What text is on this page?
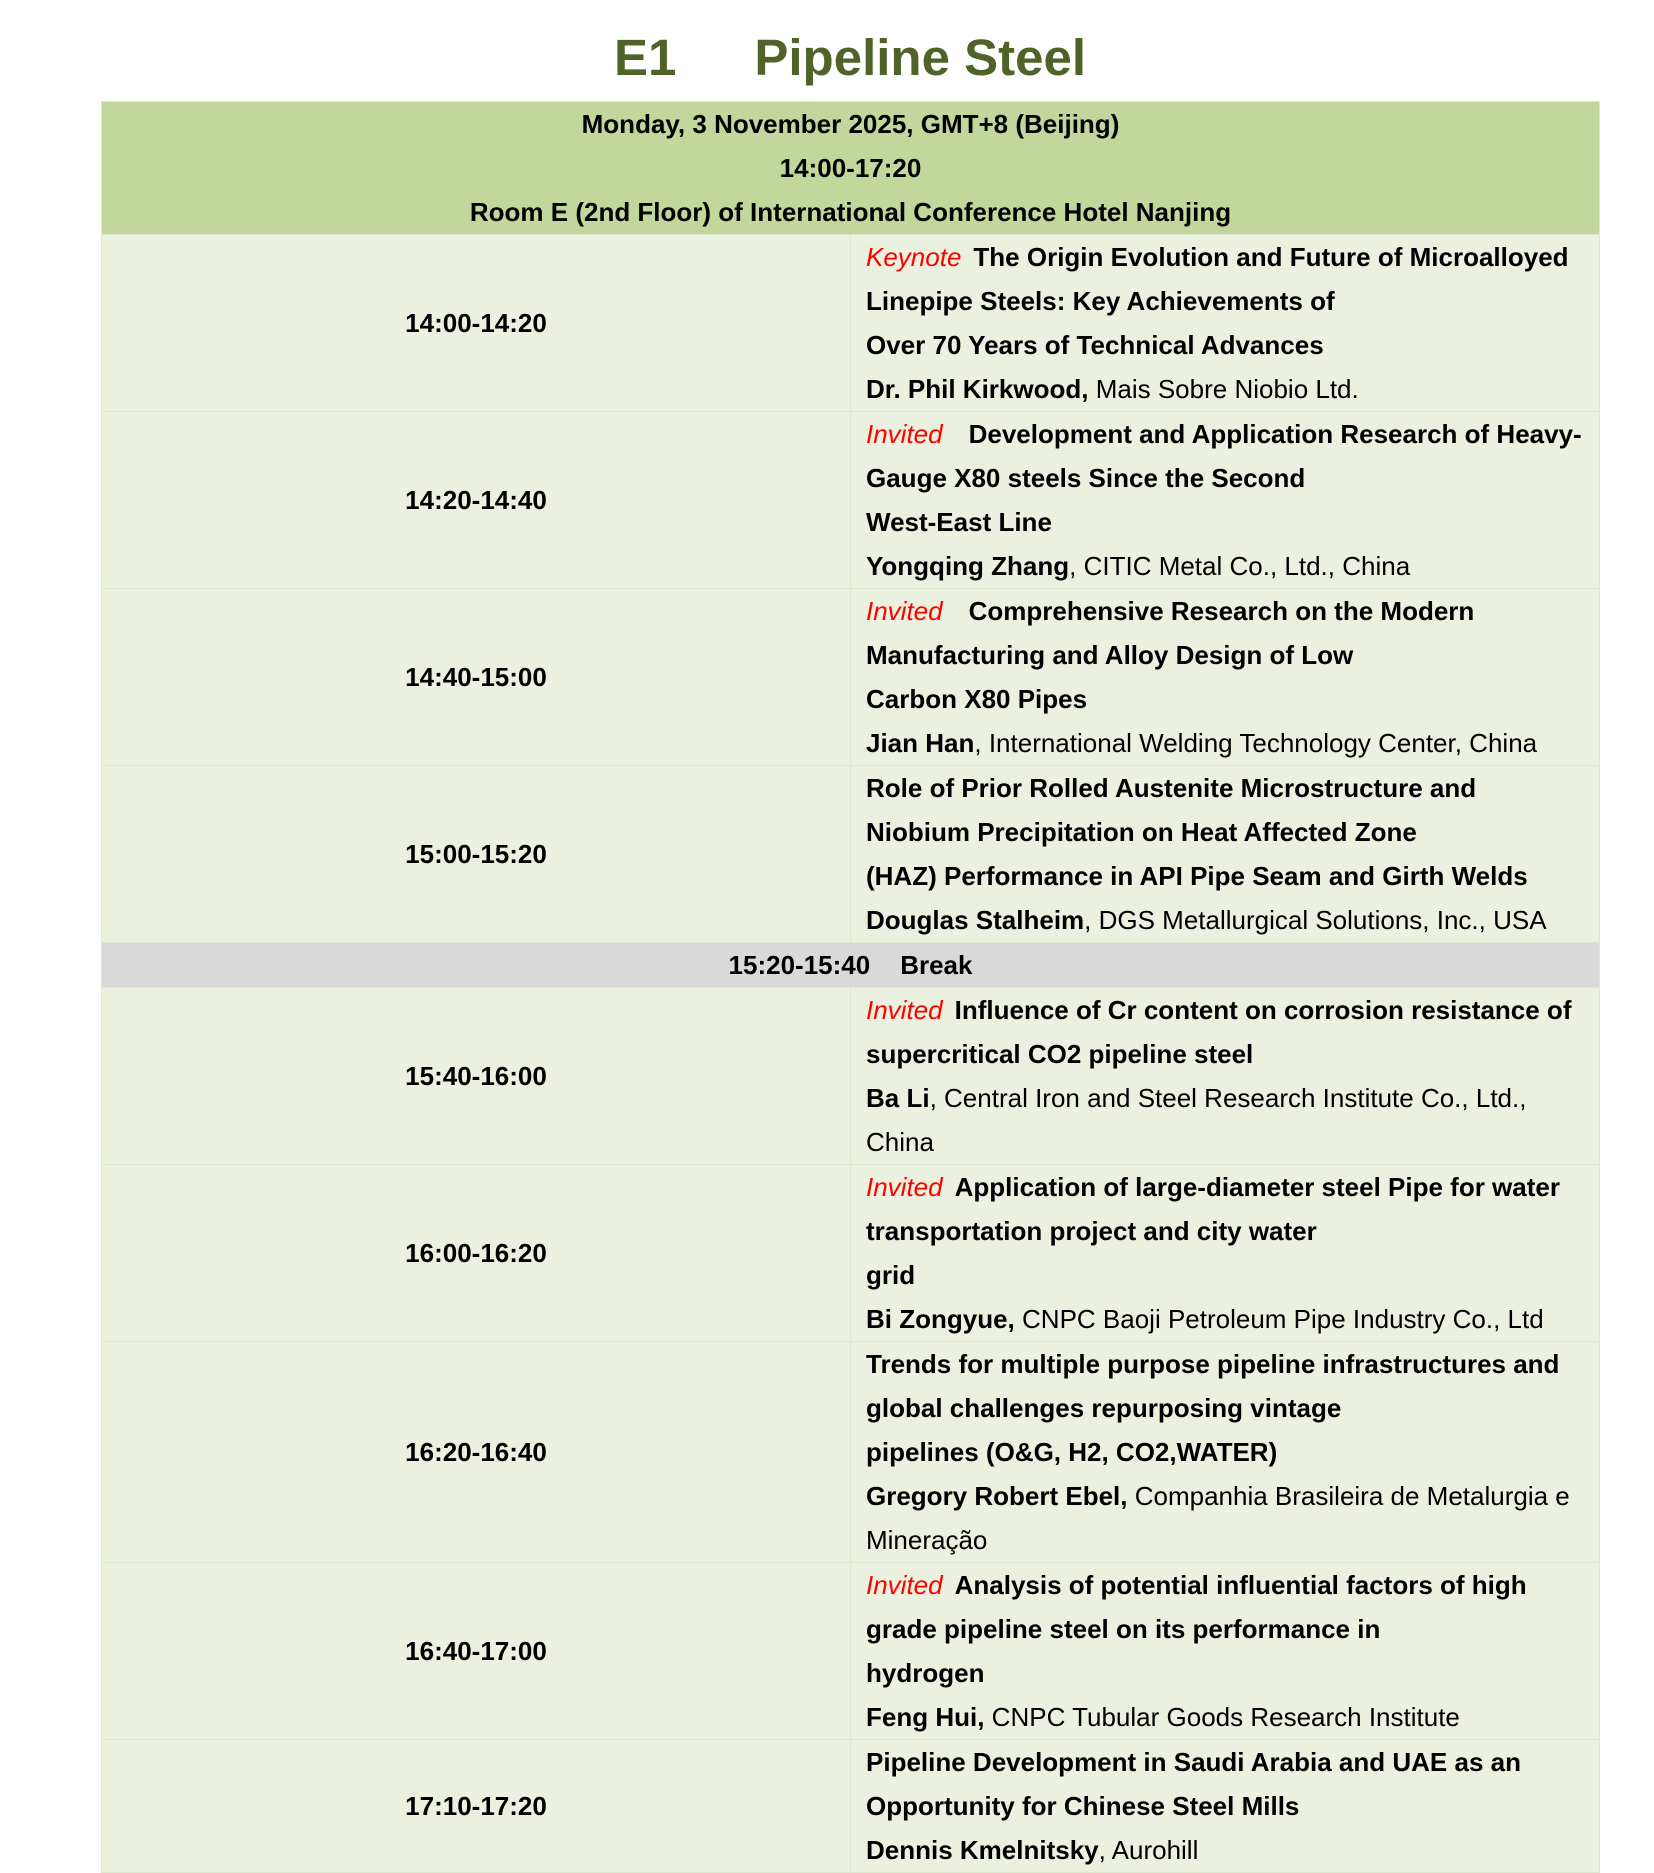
E1 Pipeline Steel
Monday, 3 November 2025, GMT+8 (Beijing)
14:00-17:20
Room E (2nd Floor) of International Conference Hotel Nanjing	

14:00-14:20	Keynote The Origin Evolution and Future of Microalloyed Linepipe Steels: Key Achievements of
Over 70 Years of Technical Advances
Dr. Phil Kirkwood, Mais Sobre Niobio Ltd.

14:20-14:40	Invited Development and Application Research of Heavy-Gauge X80 steels Since the Second
West-East Line
Yongqing Zhang, CITIC Metal Co., Ltd., China

14:40-15:00	Invited Comprehensive Research on the Modern Manufacturing and Alloy Design of Low
Carbon X80 Pipes
Jian Han, International Welding Technology Center, China

15:00-15:20	Role of Prior Rolled Austenite Microstructure and Niobium Precipitation on Heat Affected Zone
(HAZ) Performance in API Pipe Seam and Girth Welds
Douglas Stalheim, DGS Metallurgical Solutions, Inc., USA

15:20-15:40 Break	
15:40-16:00	Invited Influence of Cr content on corrosion resistance of supercritical CO2 pipeline steel
Ba Li, Central Iron and Steel Research Institute Co., Ltd., China

16:00-16:20	Invited Application of large-diameter steel Pipe for water transportation project and city water
grid
Bi Zongyue, CNPC Baoji Petroleum Pipe Industry Co., Ltd

16:20-16:40	Trends for multiple purpose pipeline infrastructures and global challenges repurposing vintage
pipelines (O&G, H2, CO2,WATER)
Gregory Robert Ebel, Companhia Brasileira de Metalurgia e Mineração

16:40-17:00	Invited Analysis of potential influential factors of high grade pipeline steel on its performance in
hydrogen
Feng Hui, CNPC Tubular Goods Research Institute

17:10-17:20	Pipeline Development in Saudi Arabia and UAE as an Opportunity for Chinese Steel Mills
Dennis Kmelnitsky, Aurohill
